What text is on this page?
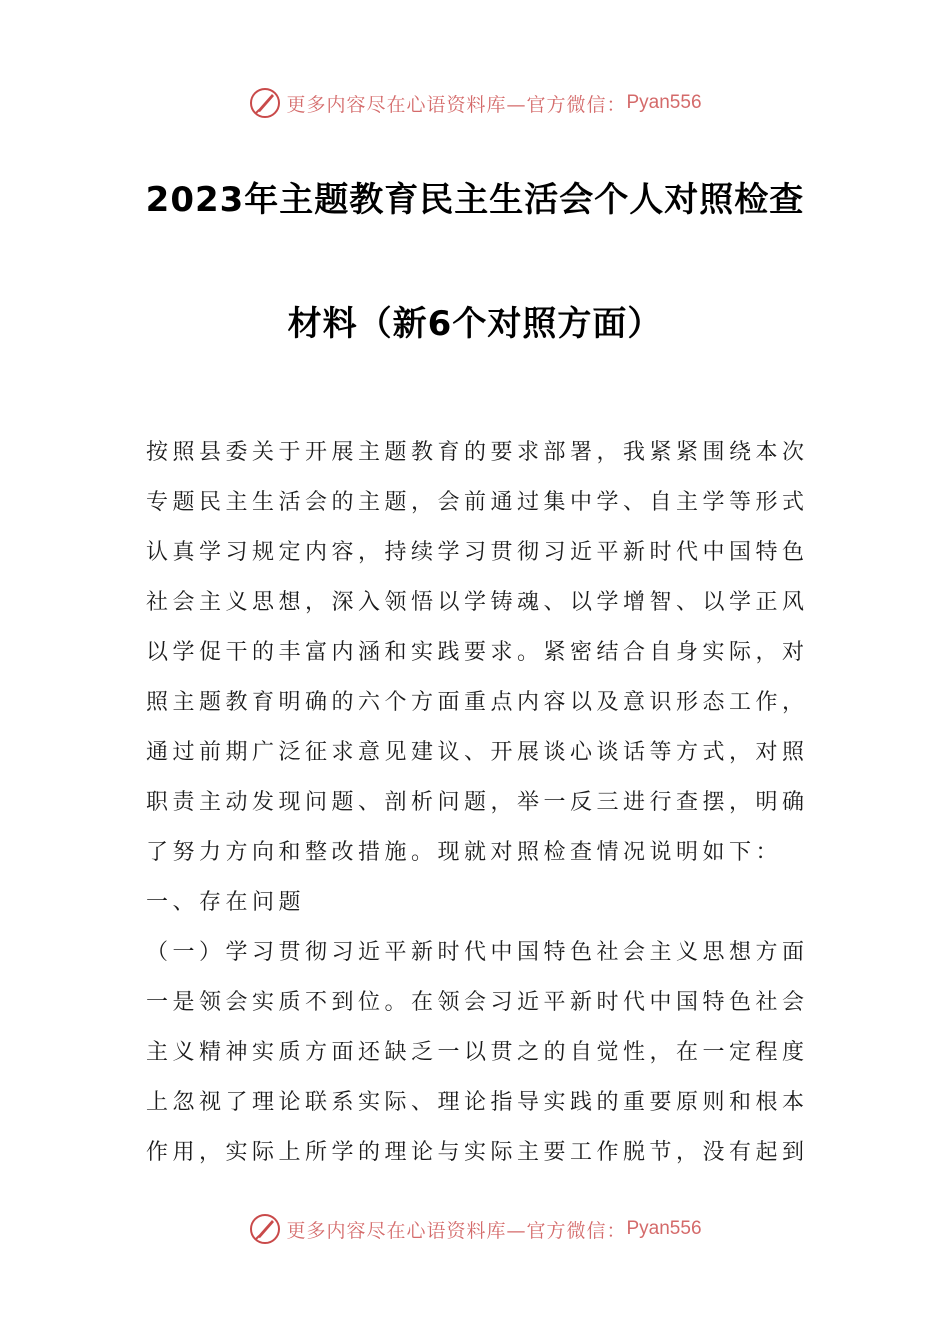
更多内容尽在心语资料库—官方微信： Pyan556
2023年主题教育民主生活会个人对照检查
材料（新6个对照方面）
按照县委关于开展主题教育的要求部署，我紧紧围绕本次
专题民主生活会的主题，会前通过集中学、自主学等形式
认真学习规定内容，持续学习贯彻习近平新时代中国特色
社会主义思想，深入领悟以学铸魂、以学增智、以学正风
以学促干的丰富内涵和实践要求。紧密结合自身实际，对
照主题教育明确的六个方面重点内容以及意识形态工作，
通过前期广泛征求意见建议、开展谈心谈话等方式，对照
职责主动发现问题、剖析问题，举一反三进行查摆，明确
了努力方向和整改措施。现就对照检查情况说明如下：
一、存在问题
（一）学习贯彻习近平新时代中国特色社会主义思想方面
一是领会实质不到位。在领会习近平新时代中国特色社会
主义精神实质方面还缺乏一以贯之的自觉性，在一定程度
上忽视了理论联系实际、理论指导实践的重要原则和根本
作用，实际上所学的理论与实际主要工作脱节，没有起到
更多内容尽在心语资料库—官方微信： Pyan556
